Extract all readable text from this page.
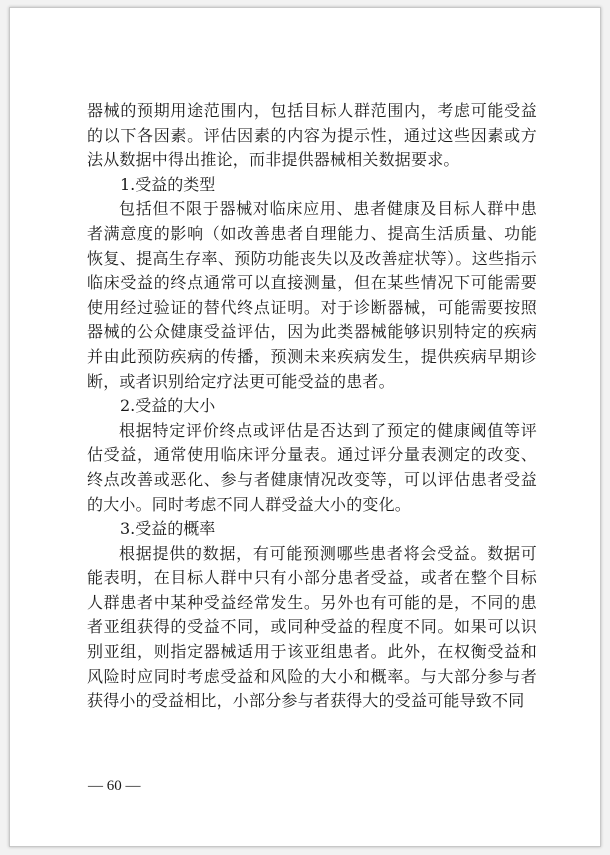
器械的预期用途范围内，包括目标人群范围内，考虑可能受益的以下各因素。评估因素的内容为提示性，通过这些因素或方法从数据中得出推论，而非提供器械相关数据要求。

1.受益的类型

包括但不限于器械对临床应用、患者健康及目标人群中患者满意度的影响（如改善患者自理能力、提高生活质量、功能恢复、提高生存率、预防功能丧失以及改善症状等）。这些指示临床受益的终点通常可以直接测量，但在某些情况下可能需要使用经过验证的替代终点证明。对于诊断器械，可能需要按照器械的公众健康受益评估，因为此类器械能够识别特定的疾病并由此预防疾病的传播，预测未来疾病发生，提供疾病早期诊断，或者识别给定疗法更可能受益的患者。

2.受益的大小

根据特定评价终点或评估是否达到了预定的健康阈值等评估受益，通常使用临床评分量表。通过评分量表测定的改变、终点改善或恶化、参与者健康情况改变等，可以评估患者受益的大小。同时考虑不同人群受益大小的变化。

3.受益的概率

根据提供的数据，有可能预测哪些患者将会受益。数据可能表明，在目标人群中只有小部分患者受益，或者在整个目标人群患者中某种受益经常发生。另外也有可能的是，不同的患者亚组获得的受益不同，或同种受益的程度不同。如果可以识别亚组，则指定器械适用于该亚组患者。此外，在权衡受益和风险时应同时考虑受益和风险的大小和概率。与大部分参与者获得小的受益相比，小部分参与者获得大的受益可能导致不同

— 60 —
